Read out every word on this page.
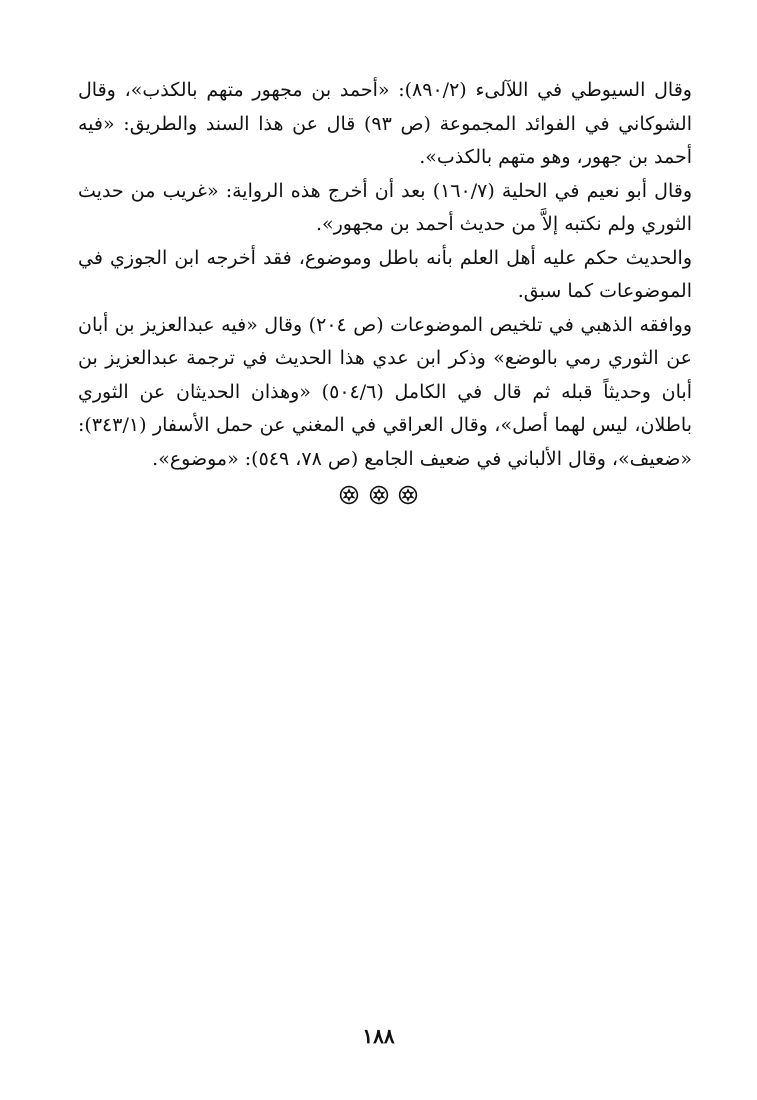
وقال السيوطي في اللآلىء (٨٩٠/٢): «أحمد بن مجهور متهم بالكذب»، وقال الشوكاني في الفوائد المجموعة (ص ٩٣) قال عن هذا السند والطريق: «فيه أحمد بن جهور، وهو متهم بالكذب».

وقال أبو نعيم في الحلية (١٦٠/٧) بعد أن أخرج هذه الرواية: «غريب من حديث الثوري ولم نكتبه إلاَّ من حديث أحمد بن مجهور».

والحديث حكم عليه أهل العلم بأنه باطل وموضوع، فقد أخرجه ابن الجوزي في الموضوعات كما سبق.

ووافقه الذهبي في تلخيص الموضوعات (ص ٢٠٤) وقال «فيه عبدالعزيز بن أبان عن الثوري رمي بالوضع» وذكر ابن عدي هذا الحديث في ترجمة عبدالعزيز بن أبان وحديثاً قبله ثم قال في الكامل (٥٠٤/٦) «وهذان الحديثان عن الثوري باطلان، ليس لهما أصل»، وقال العراقي في المغني عن حمل الأسفار (٣٤٣/١): «ضعيف»، وقال الألباني في ضعيف الجامع (ص ٧٨، ٥٤٩): «موضوع».

١٨٨
